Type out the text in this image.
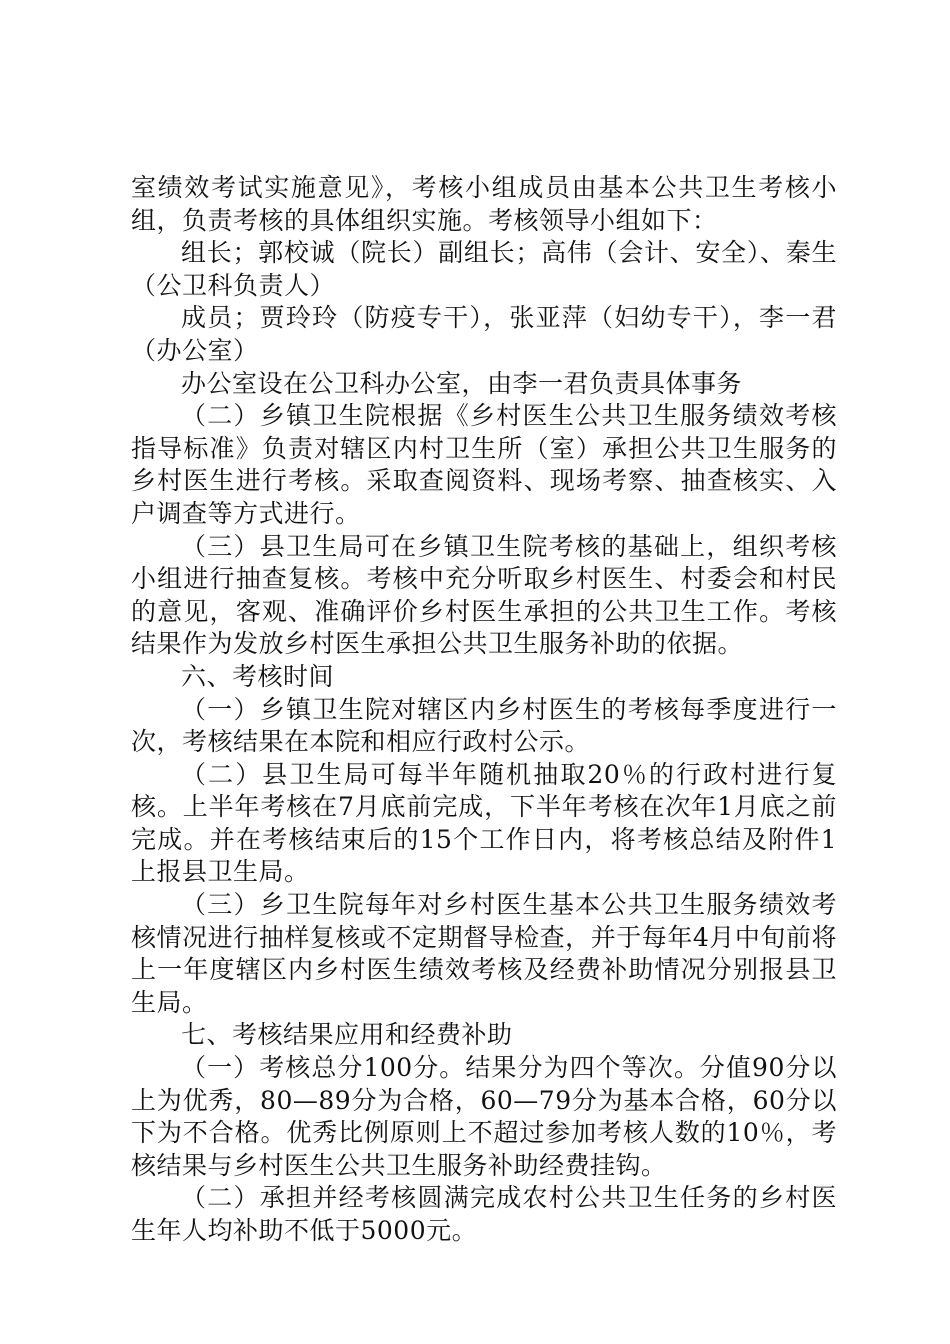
室绩效考试实施意见》，考核小组成员由基本公共卫生考核小组，负责考核的具体组织实施。考核领导小组如下：

组长；郭校诚（院长）副组长；高伟（会计、安全）、秦生（公卫科负责人）

成员；贾玲玲（防疫专干），张亚萍（妇幼专干），李一君（办公室）

办公室设在公卫科办公室，由李一君负责具体事务

（二）乡镇卫生院根据《乡村医生公共卫生服务绩效考核指导标准》负责对辖区内村卫生所（室）承担公共卫生服务的乡村医生进行考核。采取查阅资料、现场考察、抽查核实、入户调查等方式进行。

（三）县卫生局可在乡镇卫生院考核的基础上，组织考核小组进行抽查复核。考核中充分听取乡村医生、村委会和村民的意见，客观、准确评价乡村医生承担的公共卫生工作。考核结果作为发放乡村医生承担公共卫生服务补助的依据。

六、考核时间

（一）乡镇卫生院对辖区内乡村医生的考核每季度进行一次，考核结果在本院和相应行政村公示。

（二）县卫生局可每半年随机抽取20％的行政村进行复核。上半年考核在7月底前完成，下半年考核在次年1月底之前完成。并在考核结束后的15个工作日内，将考核总结及附件1上报县卫生局。

（三）乡卫生院每年对乡村医生基本公共卫生服务绩效考核情况进行抽样复核或不定期督导检查，并于每年4月中旬前将上一年度辖区内乡村医生绩效考核及经费补助情况分别报县卫生局。

七、考核结果应用和经费补助

（一）考核总分100分。结果分为四个等次。分值90分以上为优秀，80—89分为合格，60—79分为基本合格，60分以下为不合格。优秀比例原则上不超过参加考核人数的10％，考核结果与乡村医生公共卫生服务补助经费挂钩。

（二）承担并经考核圆满完成农村公共卫生任务的乡村医生年人均补助不低于5000元。
